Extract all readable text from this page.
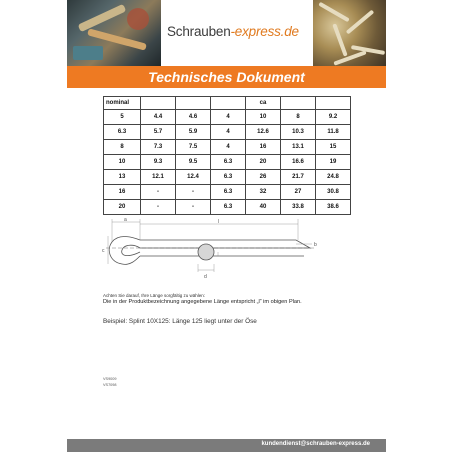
Schrauben-express.de
Technisches Dokument
nominal				ca		
5	4.4	4.6	4	10	8	9.2
6.3	5.7	5.9	4	12.6	10.3	11.8
8	7.3	7.5	4	16	13.1	15
10	9.3	9.5	6.3	20	16.6	19
13	12.1	12.4	6.3	26	21.7	24.8
16	-	-	6.3	32	27	30.8
20	-	-	6.3	40	33.8	38.6
a	l
c
b
d
Achten Sie darauf, Ihre Länge sorgfältig zu wählen:
Die in der Produktbezeichnung angegebene Länge entspricht „l“ im obigen Plan.
Beispiel: Splint 10X125: Länge 125 liegt unter der Öse
VS9009
VS7098
kundendienst@schrauben-express.de
